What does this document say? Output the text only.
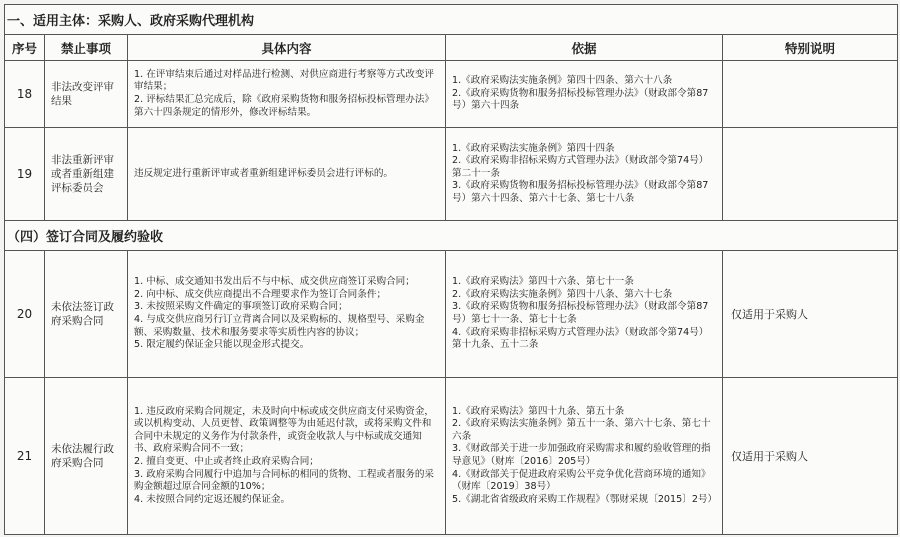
一、适用主体：采购人、政府采购代理机构				
序号	禁止事项	具体内容	依据	特别说明
18	非法改变评审结果	1. 在评审结束后通过对样品进行检测、对供应商进行考察等方式改变评审结果；
2. 评标结果汇总完成后，除《政府采购货物和服务招标投标管理办法》第六十四条规定的情形外，修改评标结果。	1.《政府采购法实施条例》第四十四条、第六十八条
2.《政府采购货物和服务招标投标管理办法》（财政部令第87号）第六十四条	

19	非法重新评审或者重新组建评标委员会	违反规定进行重新评审或者重新组建评标委员会进行评标的。	1.《政府采购法实施条例》第四十四条
2.《政府采购非招标采购方式管理办法》（财政部令第74号）第二十一条
3.《政府采购货物和服务招标投标管理办法》（财政部令第87号）第六十四条、第六十七条、第七十八条	

（四）签订合同及履约验收				
20	未依法签订政府采购合同	1. 中标、成交通知书发出后不与中标、成交供应商签订采购合同；
2. 向中标、成交供应商提出不合理要求作为签订合同条件；
3. 未按照采购文件确定的事项签订政府采购合同；
4. 与成交供应商另行订立背离合同以及采购标的、规格型号、采购金额、采购数量、技术和服务要求等实质性内容的协议；
5. 限定履约保证金只能以现金形式提交。	1.《政府采购法》第四十六条、第七十一条
2.《政府采购法实施条例》第四十八条、第六十七条
3.《政府采购货物和服务招标投标管理办法》（财政部令第87号）第七十一条、第七十七条
4.《政府采购非招标采购方式管理办法》（财政部令第74号）第十九条、五十二条	仅适用于采购人
21	未依法履行政府采购合同	1. 违反政府采购合同规定，未及时向中标或成交供应商支付采购资金，或以机构变动、人员更替、政策调整等为由延迟付款，或将采购文件和合同中未规定的义务作为付款条件，或资金收款人与中标或成交通知书、政府采购合同不一致；
2. 擅自变更、中止或者终止政府采购合同；
3. 政府采购合同履行中追加与合同标的相同的货物、工程或者服务的采购金额超过原合同金额的10%；
4. 未按照合同约定返还履约保证金。	1.《政府采购法》第四十九条、第五十条
2.《政府采购法实施条例》第五十一条、第六十七条、第七十六条
3.《财政部关于进一步加强政府采购需求和履约验收管理的指导意见》（财库〔2016〕205号）
4.《财政部关于促进政府采购公平竞争优化营商环境的通知》（财库〔2019〕38号）
5.《湖北省省级政府采购工作规程》（鄂财采规〔2015〕2号）	仅适用于采购人
